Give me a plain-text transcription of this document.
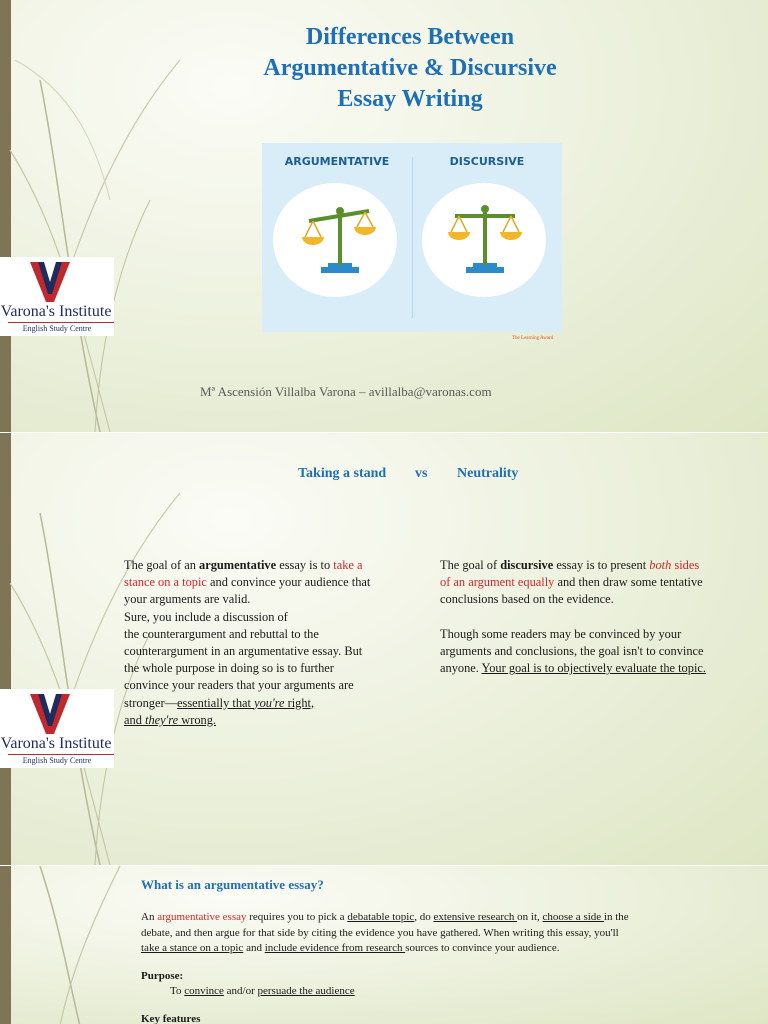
Varona's Institute
English Study Centre
Differences Between
Argumentative & Discursive
Essay Writing
ARGUMENTATIVE	DISCURSIVE
The Learning Award
Mª Ascensión Villalba Varona – avillalba@varonas.com
Taking a stand vs Neutrality
Varona's Institute
English Study Centre

The goal of an argumentative essay is to take a

stance on a topic and convince your audience that

your arguments are valid.

Sure, you include a discussion of

the counterargument and rebuttal to the

counterargument in an argumentative essay. But

the whole purpose in doing so is to further

convince your readers that your arguments are

stronger—essentially that you're right,

and they're wrong.

The goal of discursive essay is to present both sides

of an argument equally and then draw some tentative

conclusions based on the evidence.

Though some readers may be convinced by your

arguments and conclusions, the goal isn't to convince

anyone. Your goal is to objectively evaluate the topic.

What is an argumentative essay?

An argumentative essay requires you to pick a debatable topic, do extensive research on it, choose a side in the

debate, and then argue for that side by citing the evidence you have gathered. When writing this essay, you'll

take a stance on a topic and include evidence from research sources to convince your audience.

Purpose:

To convince and/or persuade the audience

Key features
